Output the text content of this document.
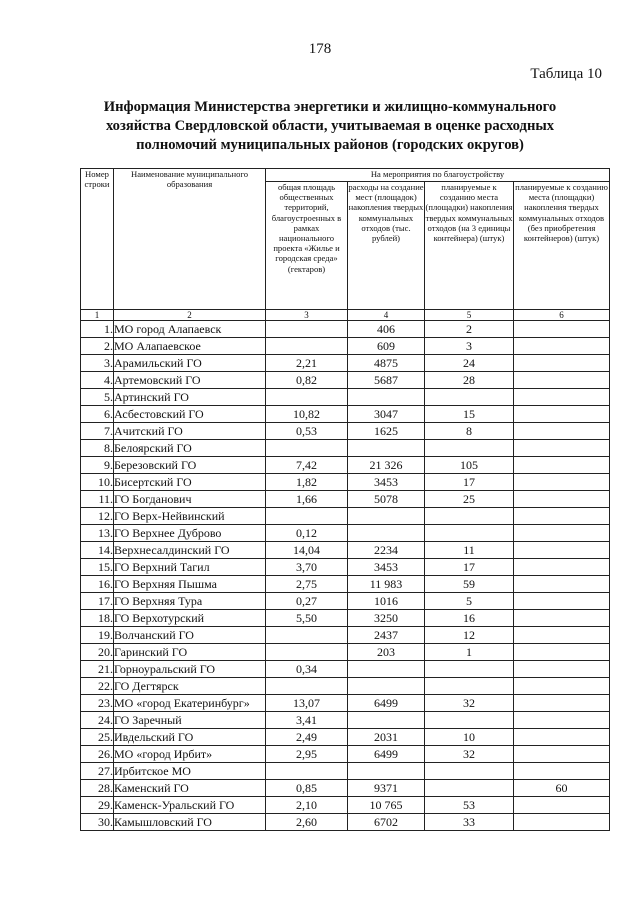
178
Таблица 10
Информация Министерства энергетики и жилищно-коммунального хозяйства Свердловской области, учитываемая в оценке расходных полномочий муниципальных районов (городских округов)
Номер строки	Наименование муниципального образования	На мероприятия по благоустройству			
		общая площадь общественных территорий, благоустроенных в рамках национального проекта «Жилье и городская среда» (гектаров)	расходы на создание мест (площадок) накопления твердых коммунальных отходов (тыс. рублей)	планируемые к созданию места (площадки) накопления твердых коммунальных отходов (на 3 единицы контейнера) (штук)	планируемые к созданию места (площадки) накопления твердых коммунальных отходов (без приобретения контейнеров) (штук)
1	2	3	4	5	6
1.	МО город Алапаевск		406	2	
2.	МО Алапаевское		609	3	
3.	Арамильский ГО	2,21	4875	24	
4.	Артемовский ГО	0,82	5687	28	
5.	Артинский ГО				
6.	Асбестовский ГО	10,82	3047	15	
7.	Ачитский ГО	0,53	1625	8	
8.	Белоярский ГО				
9.	Березовский ГО	7,42	21 326	105	
10.	Бисертский ГО	1,82	3453	17	
11.	ГО Богданович	1,66	5078	25	
12.	ГО Верх-Нейвинский				
13.	ГО Верхнее Дуброво	0,12			
14.	Верхнесалдинский ГО	14,04	2234	11	
15.	ГО Верхний Тагил	3,70	3453	17	
16.	ГО Верхняя Пышма	2,75	11 983	59	
17.	ГО Верхняя Тура	0,27	1016	5	
18.	ГО Верхотурский	5,50	3250	16	
19.	Волчанский ГО		2437	12	
20.	Гаринский ГО		203	1	
21.	Горноуральский ГО	0,34			
22.	ГО Дегтярск				
23.	МО «город Екатеринбург»	13,07	6499	32	
24.	ГО Заречный	3,41			
25.	Ивдельский ГО	2,49	2031	10	
26.	МО «город Ирбит»	2,95	6499	32	
27.	Ирбитское МО				
28.	Каменский ГО	0,85	9371		60
29.	Каменск-Уральский ГО	2,10	10 765	53	
30.	Камышловский ГО	2,60	6702	33	
